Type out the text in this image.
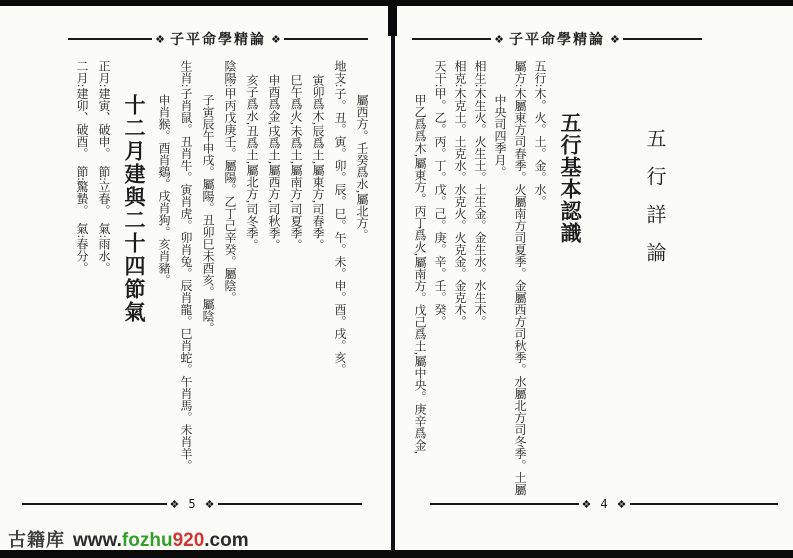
❖ 子平命學精論 ❖
五行詳論
五行基本認識

五行:木。火。土。金。水。

屬方:木屬東方司春季。火屬南方司夏季。金屬西方司秋季。水屬北方司冬季。土屬中央司四季月。

相生:木生火。火生土。土生金。金生水。水生木。

相克:木克土。土克水。水克火。火克金。金克木。

天干:甲。乙。丙。丁。戊。己。庚。辛。壬。癸。

甲乙爲爲木,屬東方。丙丁爲火,屬南方。戊己爲土,屬中央。庚辛爲金,

❖ 4 ❖
❖ 子平命學精論 ❖

屬西方。壬癸爲水,屬北方。

地支:子。丑。寅。卯。辰。巳。午。未。申。酉。戌。亥。

寅卯爲木,辰爲土,屬東方,司春季。

巳午爲火,未爲土,屬南方,司夏季。

申酉爲金,戌爲土,屬西方,司秋季。

亥子爲水,丑爲土,屬北方,司冬季。

陰陽:甲丙戊庚壬。屬陽。乙丁己辛癸。屬陰。

子寅辰午申戌。屬陽。丑卯巳未酉亥。屬陰。

生肖:子肖鼠。丑肖牛。寅肖虎。卯肖兔。辰肖龍。巳肖蛇。午肖馬。未肖羊。

申肖猴。酉肖鷄。戌肖狗。亥肖豬。

十二月建與二十四節氣

正月:建寅、破申。　節:立春。　氣:雨水。

二月:建卯、破酉。　節:驚蟄。　氣:春分。

❖ 5 ❖
古籍库 www.fozhu920.com
